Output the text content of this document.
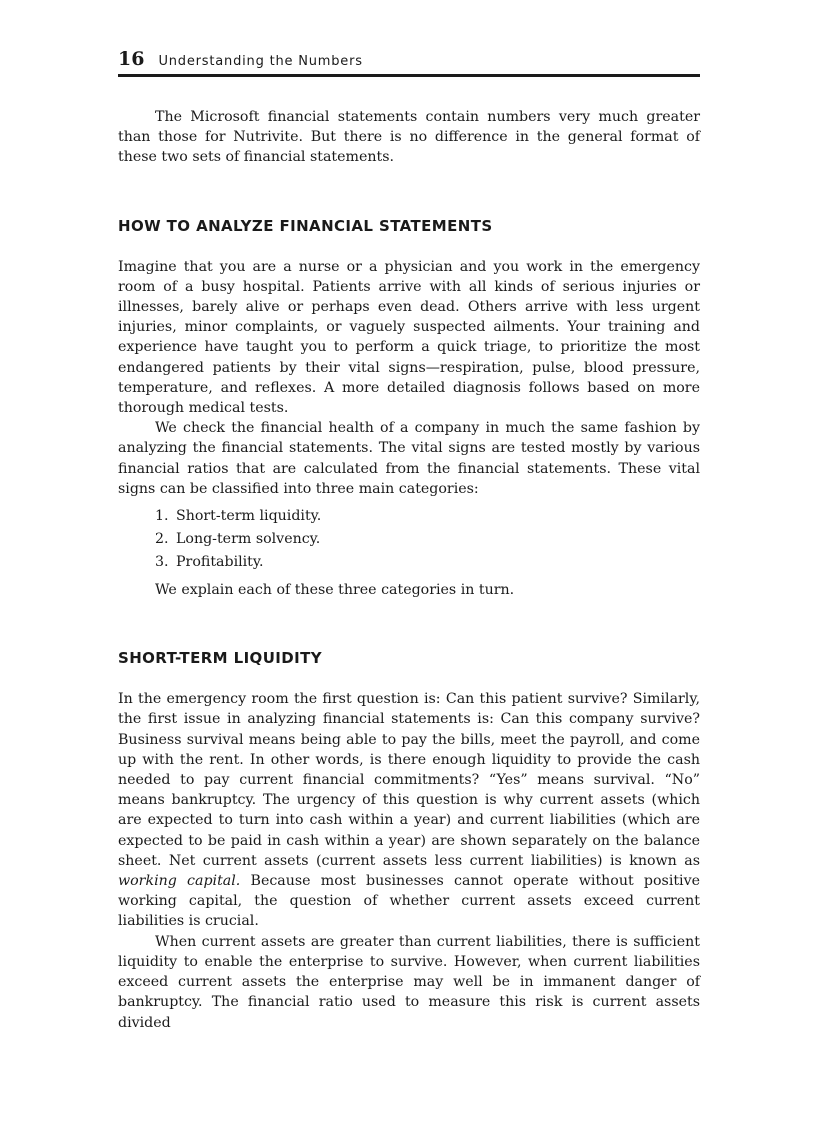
16 Understanding the Numbers

The Microsoft financial statements contain numbers very much greater than those for Nutrivite. But there is no difference in the general format of these two sets of financial statements.

HOW TO ANALYZE FINANCIAL STATEMENTS

Imagine that you are a nurse or a physician and you work in the emergency room of a busy hospital. Patients arrive with all kinds of serious injuries or illnesses, barely alive or perhaps even dead. Others arrive with less urgent injuries, minor complaints, or vaguely suspected ailments. Your training and experience have taught you to perform a quick triage, to prioritize the most endangered patients by their vital signs—respiration, pulse, blood pressure, temperature, and reflexes. A more detailed diagnosis follows based on more thorough medical tests.

We check the financial health of a company in much the same fashion by analyzing the financial statements. The vital signs are tested mostly by various financial ratios that are calculated from the financial statements. These vital signs can be classified into three main categories:

1. Short-term liquidity.
2. Long-term solvency.
3. Profitability.

We explain each of these three categories in turn.

SHORT-TERM LIQUIDITY

In the emergency room the first question is: Can this patient survive? Similarly, the first issue in analyzing financial statements is: Can this company survive? Business survival means being able to pay the bills, meet the payroll, and come up with the rent. In other words, is there enough liquidity to provide the cash needed to pay current financial commitments? “Yes” means survival. “No” means bankruptcy. The urgency of this question is why current assets (which are expected to turn into cash within a year) and current liabilities (which are expected to be paid in cash within a year) are shown separately on the balance sheet. Net current assets (current assets less current liabilities) is known as working capital. Because most businesses cannot operate without positive working capital, the question of whether current assets exceed current liabilities is crucial.

When current assets are greater than current liabilities, there is sufficient liquidity to enable the enterprise to survive. However, when current liabilities exceed current assets the enterprise may well be in immanent danger of bankruptcy. The financial ratio used to measure this risk is current assets divided
